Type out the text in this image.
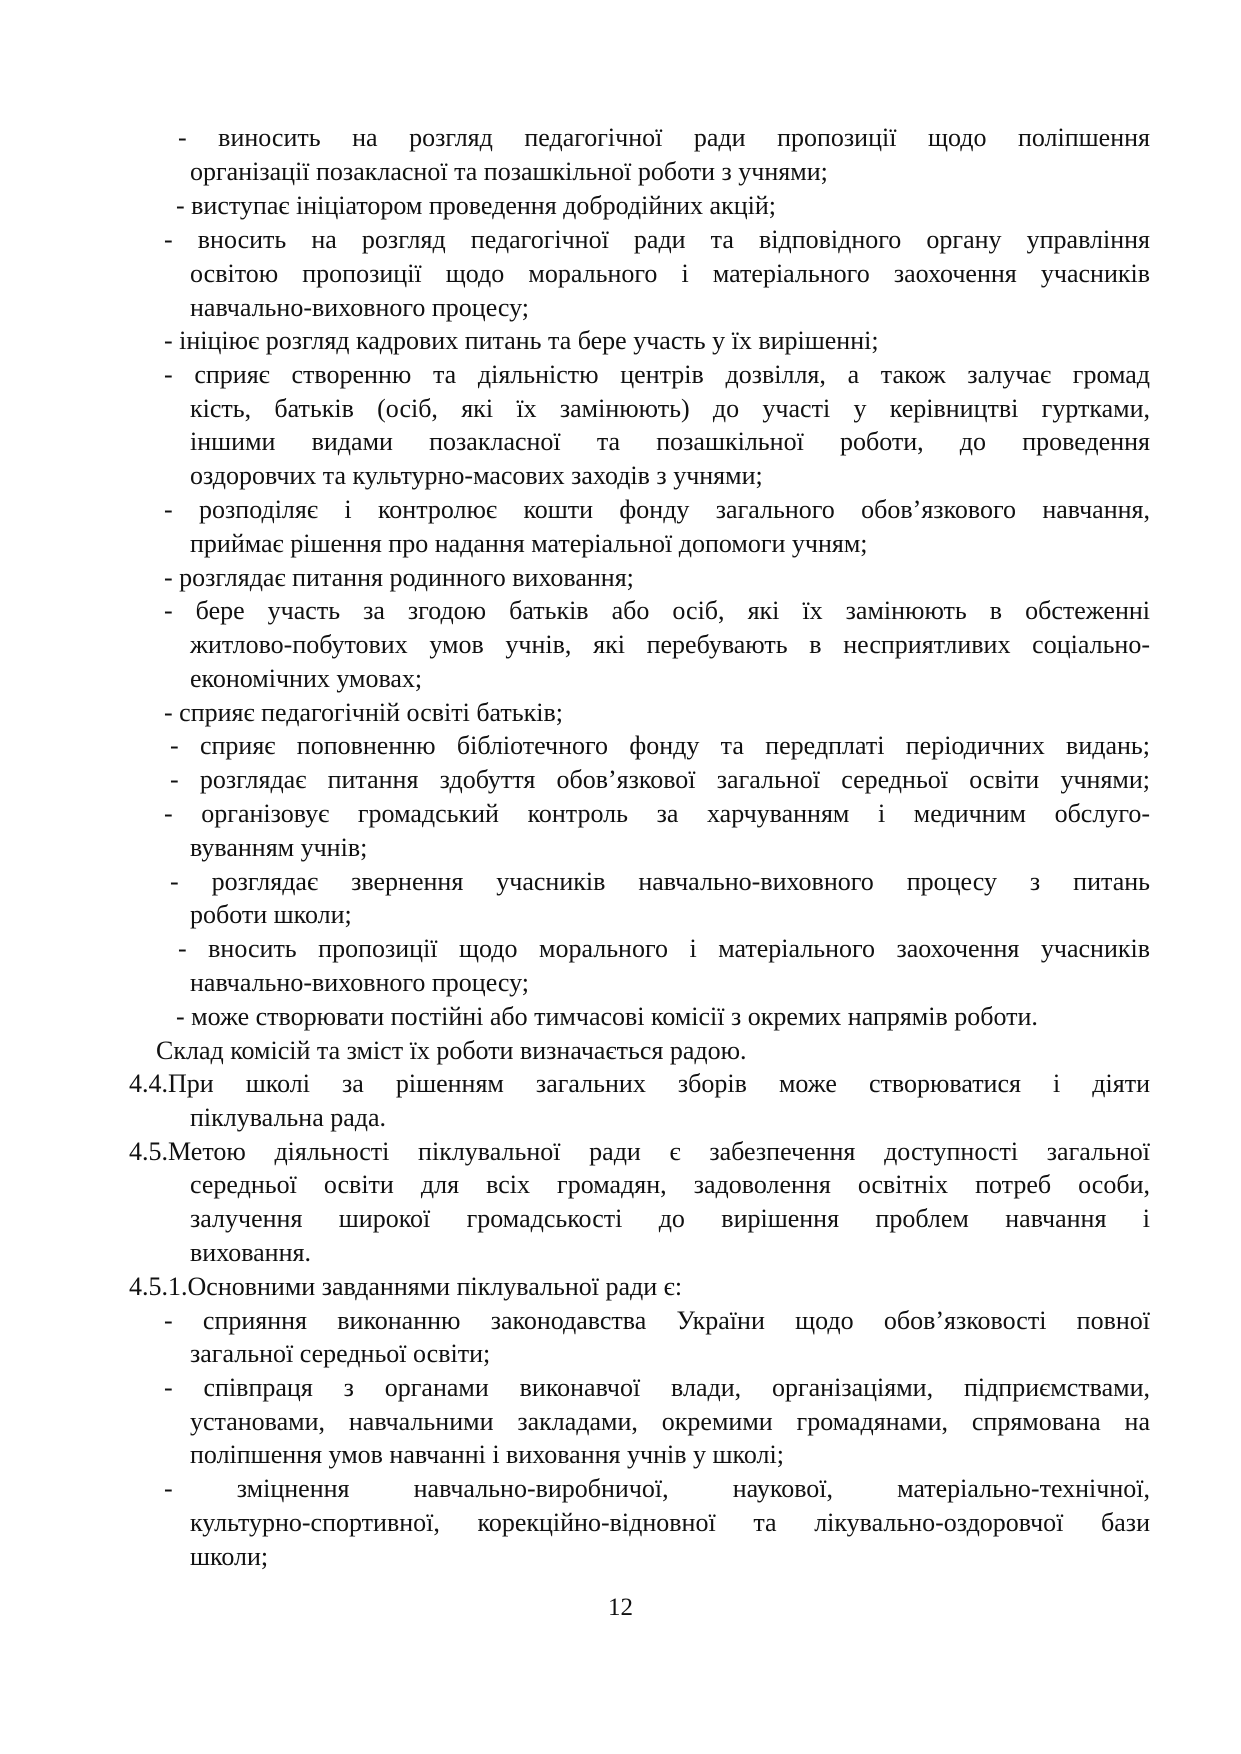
- виносить на розгляд педагогічної ради пропозиції щодо поліпшення
організації позакласної та позашкільної роботи з учнями;
- виступає ініціатором проведення добродійних акцій;
- вносить на розгляд педагогічної ради та відповідного органу управління
освітою пропозиції щодо морального і матеріального заохочення учасників
навчально-виховного процесу;
- ініціює розгляд кадрових питань та бере участь у їх вирішенні;
- сприяє створенню та діяльністю центрів дозвілля, а також залучає громад
кість, батьків (осіб, які їх замінюють) до участі у керівництві гуртками,
іншими видами позакласної та позашкільної роботи, до проведення
оздоровчих та культурно-масових заходів з учнями;
- розподіляє і контролює кошти фонду загального обов’язкового навчання,
приймає рішення про надання матеріальної допомоги учням;
- розглядає питання родинного виховання;
- бере участь за згодою батьків або осіб, які їх замінюють в обстеженні
житлово-побутових умов учнів, які перебувають в несприятливих соціально-
економічних умовах;
- сприяє педагогічній освіті батьків;
- сприяє поповненню бібліотечного фонду та передплаті періодичних видань;
- розглядає питання здобуття обов’язкової загальної середньої освіти учнями;
- організовує громадський контроль за харчуванням і медичним обслуго-
вуванням учнів;
- розглядає звернення учасників навчально-виховного процесу з питань
роботи школи;
- вносить пропозиції щодо морального і матеріального заохочення учасників
навчально-виховного процесу;
- може створювати постійні або тимчасові комісії з окремих напрямів роботи.
Склад комісій та зміст їх роботи визначається радою.
4.4.При школі за рішенням загальних зборів може створюватися і діяти
піклувальна рада.
4.5.Метою діяльності піклувальної ради є забезпечення доступності загальної
середньої освіти для всіх громадян, задоволення освітніх потреб особи,
залучення широкої громадськості до вирішення проблем навчання і
виховання.
4.5.1.Основними завданнями піклувальної ради є:
- сприяння виконанню законодавства України щодо обов’язковості повної
загальної середньої освіти;
- співпраця з органами виконавчої влади, організаціями, підприємствами,
установами, навчальними закладами, окремими громадянами, спрямована на
поліпшення умов навчанні і виховання учнів у школі;
- зміцнення навчально-виробничої, наукової, матеріально-технічної,
культурно-спортивної, корекційно-відновної та лікувально-оздоровчої бази
школи;
12
